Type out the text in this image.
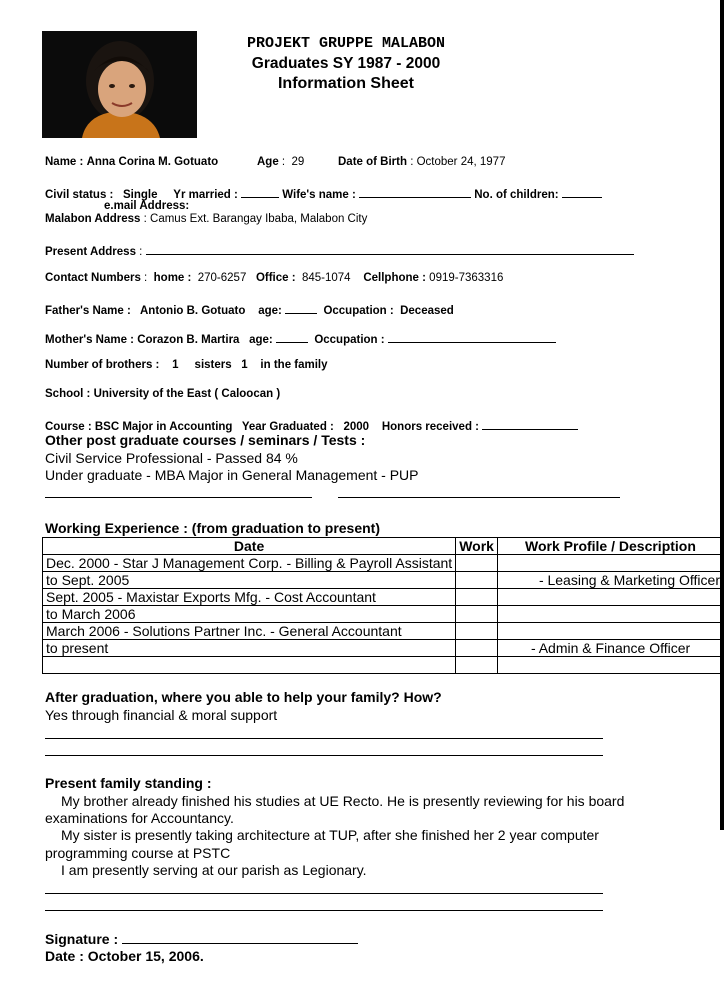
PROJEKT GRUPPE MALABON
Graduates SY 1987 - 2000
Information Sheet
Name : Anna Corina M. Gotuato	Age :  29	Date of Birth : October 24, 1977
Civil status : Single Yr married :	Wife's name :	No. of children:
e.mail Address:
Malabon Address : Camus Ext. Barangay Ibaba, Malabon City
Present Address :
Contact Numbers :  home : 270-6257 Office : 845-1074 Cellphone : 0919-7363316
Father's Name : Antonio B. Gotuato age:	Occupation : Deceased
Mother's Name : Corazon B. Martira age:	Occupation :
Number of brothers : 1 sisters 1 in the family
School : University of the East ( Caloocan )
Course : BSC Major in Accounting Year Graduated : 2000 Honors received :
Other post graduate courses / seminars / Tests :
Civil Service Professional - Passed 84 %
Under graduate - MBA Major in General Management - PUP
Working Experience : (from graduation to present)
Date	Work	Work Profile / Description
Dec. 2000 - Star J Management Corp. - Billing & Payroll Assistant		
to Sept. 2005		- Leasing & Marketing Officer
Sept. 2005 - Maxistar Exports Mfg. - Cost Accountant		
to March 2006		
March 2006 - Solutions Partner Inc. - General Accountant		
to present		- Admin & Finance Officer

After graduation, where you able to help your family? How?
Yes through financial & moral support
Present family standing :
My brother already finished his studies at UE Recto. He is presently reviewing for his board
examinations for Accountancy.
My sister is presently taking architecture at TUP, after she finished her 2 year computer
programming course at PSTC
I am presently serving at our parish as Legionary.
Signature :
Date : October 15, 2006.
